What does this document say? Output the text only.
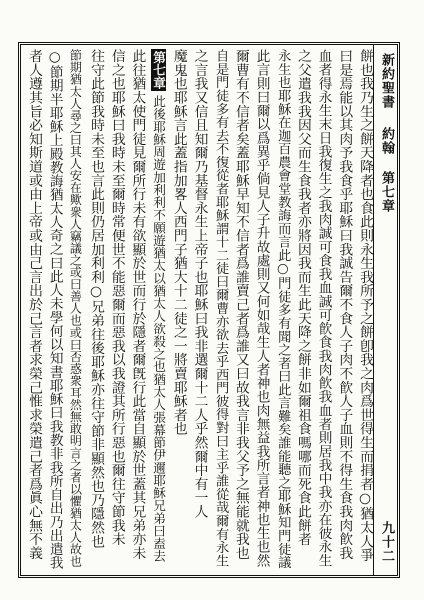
新約聖書
約翰
第七章
九十二
餅也我乃生之餅天降者也食此則永生我所予之餅卽我之肉爲世得生而捐者○猶太人爭
曰是焉能以其肉予我食乎耶穌曰我誠告爾不食人子肉不飮人子血則不得生食我肉飮我
血者得永生末日我復生之我肉誠可食我血誠可飮食我肉飮我血者則居我中我亦在彼永生
之父遣我我因父而生食我者亦將因我而生此天降之餅非如爾祖食嗎哪而死食此餅者
永生也耶穌在迦百農會堂教誨而言此○門徒多有聞之者曰此言難矣誰能聽之耶穌知門徒議
此言則曰爾以爲異乎倘見人子升故處則又何如哉生人者神也肉無益我所言者神也生也然
爾曹有不信者矣蓋耶穌早知不信者爲誰賣己者爲誰又曰故我言非我父予之無能就我也
自是門徒多有去不復從者耶穌謂十二徒曰爾曹亦欲去乎西門彼得對曰主乎誰從哉爾有永生
之言我又信且知爾乃基督永生上帝子也耶穌曰我非選爾十二人乎然爾中有一人
魔鬼也耶穌言此蓋指加畧人西門子猶大十二徒之一將賣耶穌者也
第七章此後耶穌周遊加利利不願遊猶太以猶太人欲殺之也猶太人張幕節伊邇耶穌兄弟曰盍去
此往猶太使門徒見爾所行未有欲顯於世而行於隱者爾旣行此當自顯於世蓋其兄弟亦未
信之也耶穌曰我時未至爾時常便世不能惡爾而惡我以我證其所行惡也爾往守節我未
往守此節我時未至也言此則仍居加利利○兄弟往後耶穌亦往守節非顯然也乃隱然也
節期猶太人尋之曰其人安在歟衆人竊議之或曰善人也或曰否惑衆耳然無敢明言之者以懼猶太人故也
○節期半耶穌上殿教誨猶太人奇之曰此人未學何以知書耶穌曰我教非我所自出乃出遣我
者人遵其旨必知斯道或由上帝或由己言出於己言者求榮己惟求榮遣己者爲眞心無不義
